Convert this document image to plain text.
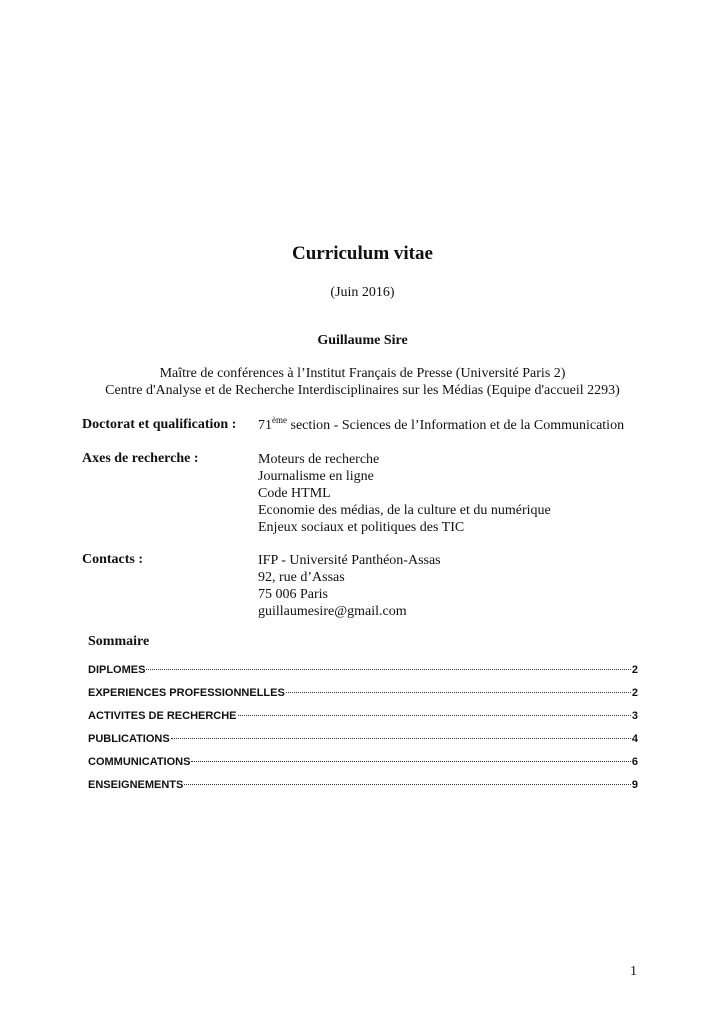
Curriculum vitae
(Juin 2016)
Guillaume Sire
Maître de conférences à l’Institut Français de Presse (Université Paris 2)
Centre d'Analyse et de Recherche Interdisciplinaires sur les Médias (Equipe d'accueil 2293)
Doctorat et qualification : 71ème section - Sciences de l’Information et de la Communication
Axes de recherche :	Moteurs de recherche
Journalisme en ligne
Code HTML
Economie des médias, de la culture et du numérique
Enjeux sociaux et politiques des TIC
Contacts :	IFP - Université Panthéon-Assas
92, rue d’Assas
75 006 Paris
guillaumesire@gmail.com
Sommaire
DIPLOMES	2
EXPERIENCES PROFESSIONNELLES	2
ACTIVITES DE RECHERCHE	3
PUBLICATIONS	4
COMMUNICATIONS	6
ENSEIGNEMENTS	9
1
